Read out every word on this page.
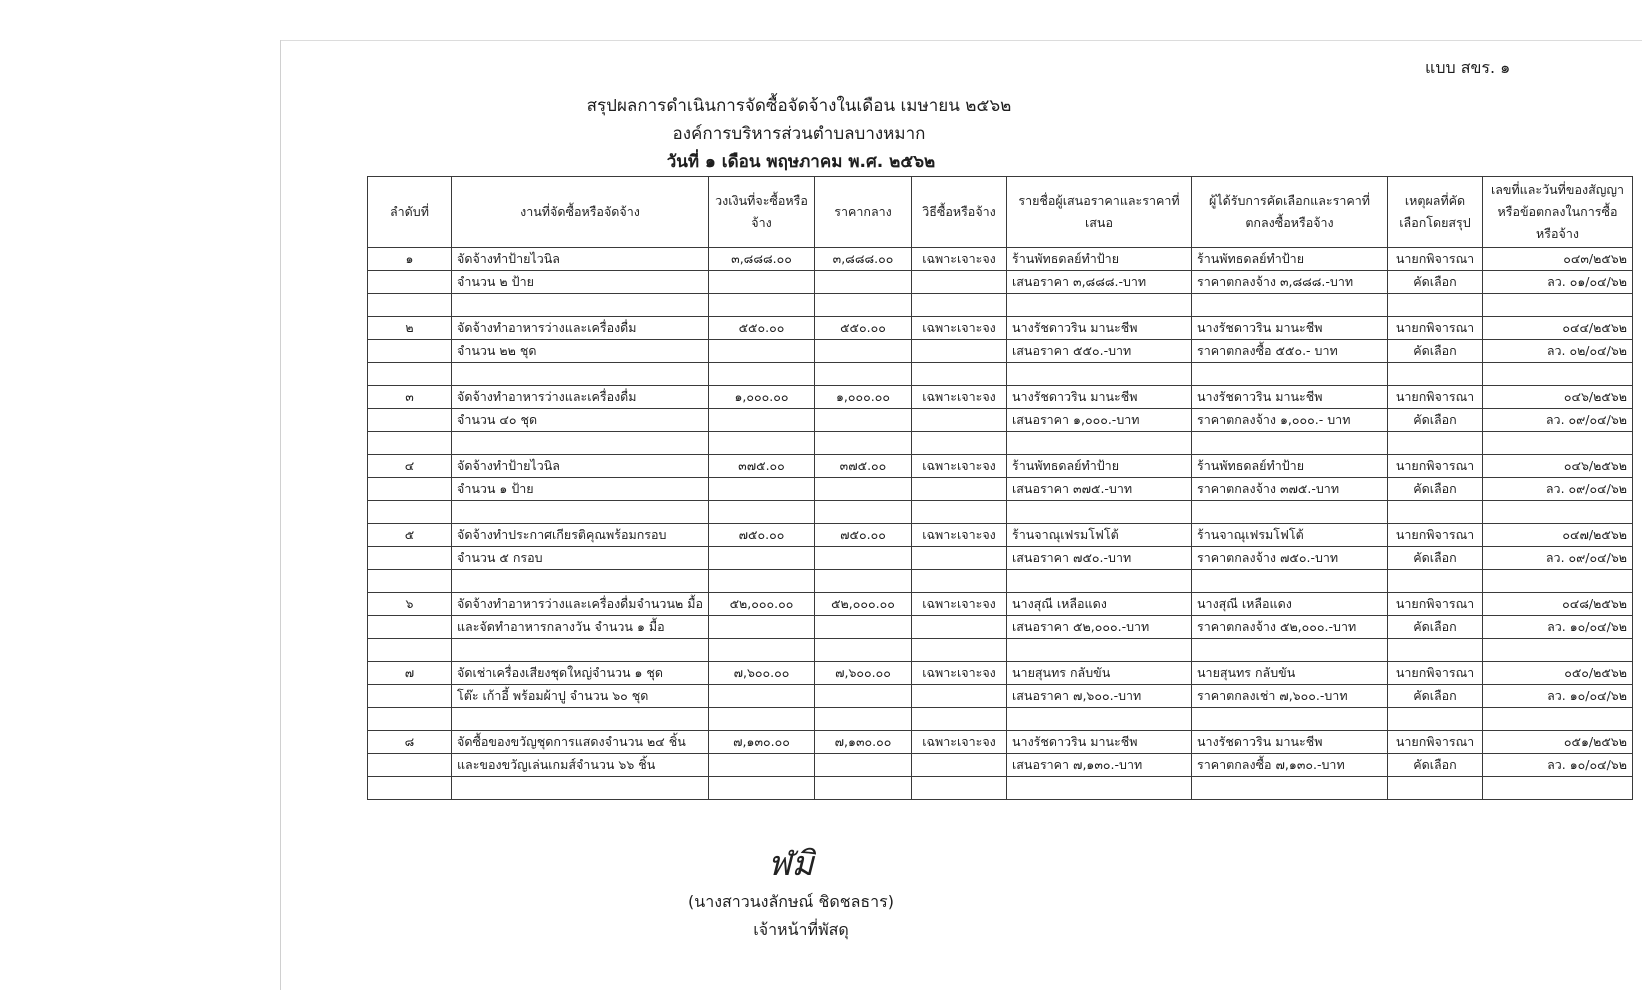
แบบ สขร. ๑
สรุปผลการดำเนินการจัดซื้อจัดจ้างในเดือน เมษายน ๒๕๖๒
องค์การบริหารส่วนตำบลบางหมาก
วันที่ ๑ เดือน พฤษภาคม พ.ศ. ๒๕๖๒
ลำดับที่	งานที่จัดซื้อหรือจัดจ้าง	วงเงินที่จะซื้อหรือจ้าง	ราคากลาง	วิธีซื้อหรือจ้าง	รายชื่อผู้เสนอราคาและราคาที่เสนอ	ผู้ได้รับการคัดเลือกและราคาที่ตกลงซื้อหรือจ้าง	เหตุผลที่คัดเลือกโดยสรุป	เลขที่และวันที่ของสัญญาหรือข้อตกลงในการซื้อหรือจ้าง
๑	จัดจ้างทำป้ายไวนิล	๓,๘๘๘.๐๐	๓,๘๘๘.๐๐	เฉพาะเจาะจง	ร้านพัทธดลย์ทำป้าย	ร้านพัทธดลย์ทำป้าย	นายกพิจารณา	๐๔๓/๒๕๖๒
	จำนวน ๒ ป้าย				เสนอราคา ๓,๘๘๘.-บาท	ราคาตกลงจ้าง ๓,๘๘๘.-บาท	คัดเลือก	ลว. ๐๑/๐๔/๖๒

๒	จัดจ้างทำอาหารว่างและเครื่องดื่ม	๕๕๐.๐๐	๕๕๐.๐๐	เฉพาะเจาะจง	นางรัชดาวริน มานะชีพ	นางรัชดาวริน มานะชีพ	นายกพิจารณา	๐๔๔/๒๕๖๒
	จำนวน ๒๒ ชุด				เสนอราคา ๕๕๐.-บาท	ราคาตกลงซื้อ ๕๕๐.- บาท	คัดเลือก	ลว. ๐๒/๐๔/๖๒

๓	จัดจ้างทำอาหารว่างและเครื่องดื่ม	๑,๐๐๐.๐๐	๑,๐๐๐.๐๐	เฉพาะเจาะจง	นางรัชดาวริน มานะชีพ	นางรัชดาวริน มานะชีพ	นายกพิจารณา	๐๔๖/๒๕๖๒
	จำนวน ๔๐ ชุด				เสนอราคา ๑,๐๐๐.-บาท	ราคาตกลงจ้าง ๑,๐๐๐.- บาท	คัดเลือก	ลว. ๐๙/๐๔/๖๒

๔	จัดจ้างทำป้ายไวนิล	๓๗๕.๐๐	๓๗๕.๐๐	เฉพาะเจาะจง	ร้านพัทธดลย์ทำป้าย	ร้านพัทธดลย์ทำป้าย	นายกพิจารณา	๐๔๖/๒๕๖๒
	จำนวน ๑ ป้าย				เสนอราคา ๓๗๕.-บาท	ราคาตกลงจ้าง ๓๗๕.-บาท	คัดเลือก	ลว. ๐๙/๐๔/๖๒

๕	จัดจ้างทำประกาศเกียรติคุณพร้อมกรอบ	๗๕๐.๐๐	๗๕๐.๐๐	เฉพาะเจาะจง	ร้านจาณุเฟรมโฟโต้	ร้านจาณุเฟรมโฟโต้	นายกพิจารณา	๐๔๗/๒๕๖๒
	จำนวน ๕ กรอบ				เสนอราคา ๗๕๐.-บาท	ราคาตกลงจ้าง ๗๕๐.-บาท	คัดเลือก	ลว. ๐๙/๐๔/๖๒

๖	จัดจ้างทำอาหารว่างและเครื่องดื่มจำนวน๒ มื้อ	๕๒,๐๐๐.๐๐	๕๒,๐๐๐.๐๐	เฉพาะเจาะจง	นางสุณี เหลือแดง	นางสุณี เหลือแดง	นายกพิจารณา	๐๔๘/๒๕๖๒
	และจัดทำอาหารกลางวัน จำนวน ๑ มื้อ				เสนอราคา ๕๒,๐๐๐.-บาท	ราคาตกลงจ้าง ๕๒,๐๐๐.-บาท	คัดเลือก	ลว. ๑๐/๐๔/๖๒

๗	จัดเช่าเครื่องเสียงชุดใหญ่จำนวน ๑ ชุด	๗,๖๐๐.๐๐	๗,๖๐๐.๐๐	เฉพาะเจาะจง	นายสุนทร กลับขัน	นายสุนทร กลับขัน	นายกพิจารณา	๐๕๐/๒๕๖๒
	โต๊ะ เก้าอี้ พร้อมผ้าปู จำนวน ๖๐ ชุด				เสนอราคา ๗,๖๐๐.-บาท	ราคาตกลงเช่า ๗,๖๐๐.-บาท	คัดเลือก	ลว. ๑๐/๐๔/๖๒

๘	จัดซื้อของขวัญชุดการแสดงจำนวน ๒๔ ชิ้น	๗,๑๓๐.๐๐	๗,๑๓๐.๐๐	เฉพาะเจาะจง	นางรัชดาวริน มานะชีพ	นางรัชดาวริน มานะชีพ	นายกพิจารณา	๐๕๑/๒๕๖๒
	และของขวัญเล่นเกมส์จำนวน ๖๖ ชิ้น				เสนอราคา ๗,๑๓๐.-บาท	ราคาตกลงซื้อ ๗,๑๓๐.-บาท	คัดเลือก	ลว. ๑๐/๐๔/๖๒

ฬมิ
(นางสาวนงลักษณ์ ชิดชลธาร)
เจ้าหน้าที่พัสดุ
